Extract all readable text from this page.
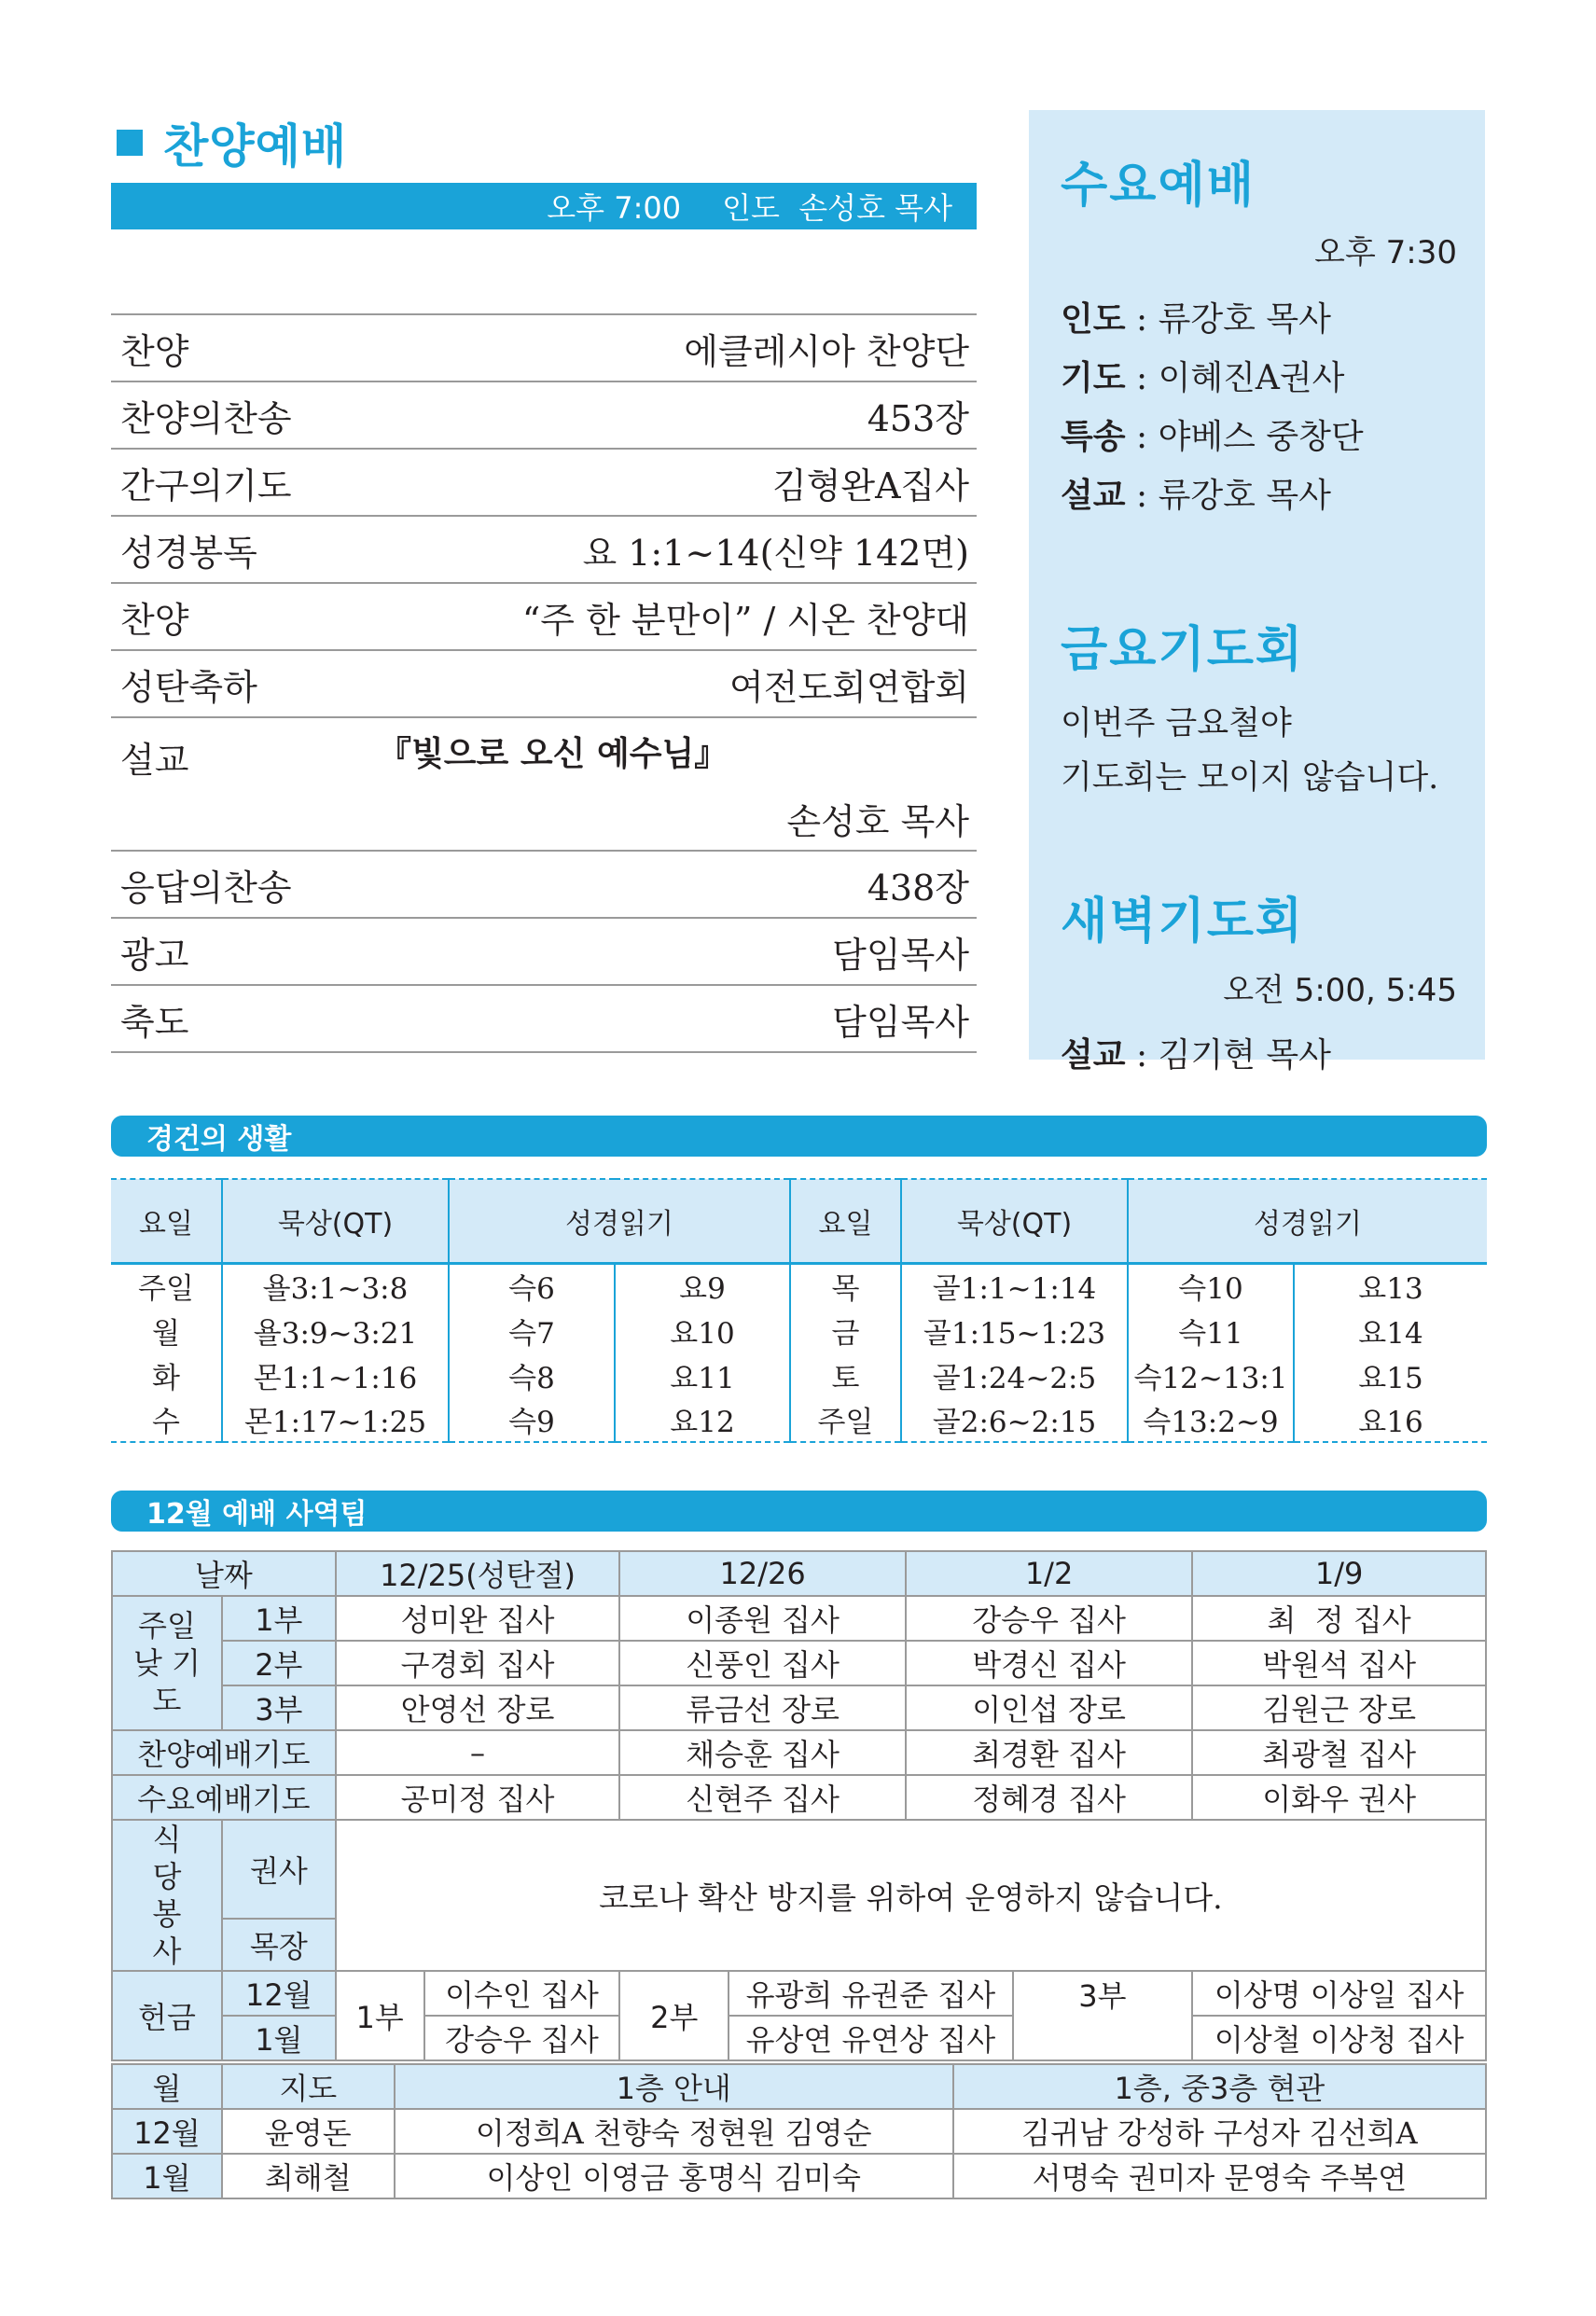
찬양예배
오후 7:00 인도  손성호 목사
찬양	에클레시아 찬양단
찬양의찬송	453장
간구의기도	김형완A집사
성경봉독	요 1:1~14(신약 142면)
찬양	“주 한 분만이” / 시온 찬양대
성탄축하	여전도회연합회
설교	『빛으로 오신 예수님』
손성호 목사
응답의찬송	438장
광고	담임목사
축도	담임목사
수요예배
오후 7:30
인도 : 류강호 목사
기도 : 이혜진A권사
특송 : 야베스 중창단
설교 : 류강호 목사
금요기도회
이번주 금요철야
기도회는 모이지 않습니다.
새벽기도회
오전 5:00, 5:45
설교 : 김기현 목사
경건의 생활
요일	묵상(QT)	성경읽기		요일	묵상(QT)	성경읽기	
주일	욜3:1~3:8	슥6	요9	목	골1:1~1:14	슥10	요13
월	욜3:9~3:21	슥7	요10	금	골1:15~1:23	슥11	요14
화	몬1:1~1:16	슥8	요11	토	골1:24~2:5	슥12~13:1	요15
수	몬1:17~1:25	슥9	요12	주일	골2:6~2:15	슥13:2~9	요16
12월 예배 사역팀
날짜		12/25(성탄절)		12/26		1/2		1/9
주일낮 기도	1부	성미완 집사		이종원 집사		강승우 집사		최  정 집사
	2부	구경회 집사		신풍인 집사		박경신 집사		박원석 집사
	3부	안영선 장로		류금선 장로		이인섭 장로		김원근 장로
찬양예배기도		–		채승훈 집사		최경환 집사		최광철 집사
수요예배기도		공미정 집사		신현주 집사		정혜경 집사		이화우 권사
식당 봉사	권사	코로나 확산 방지를 위하여 운영하지 않습니다.						
	목장							
헌금	12월	1부	이수인 집사	2부	유광희 유권준 집사		3부	이상명 이상일 집사
	1월		강승우 집사		유상연 유연상 집사			이상철 이상청 집사
월	지도	1층 안내	1층, 중3층 현관
12월	윤영돈	이정희A 천향숙 정현원 김영순	김귀남 강성하 구성자 김선희A
1월	최해철	이상인 이영금 홍명식 김미숙	서명숙 권미자 문영숙 주복연
